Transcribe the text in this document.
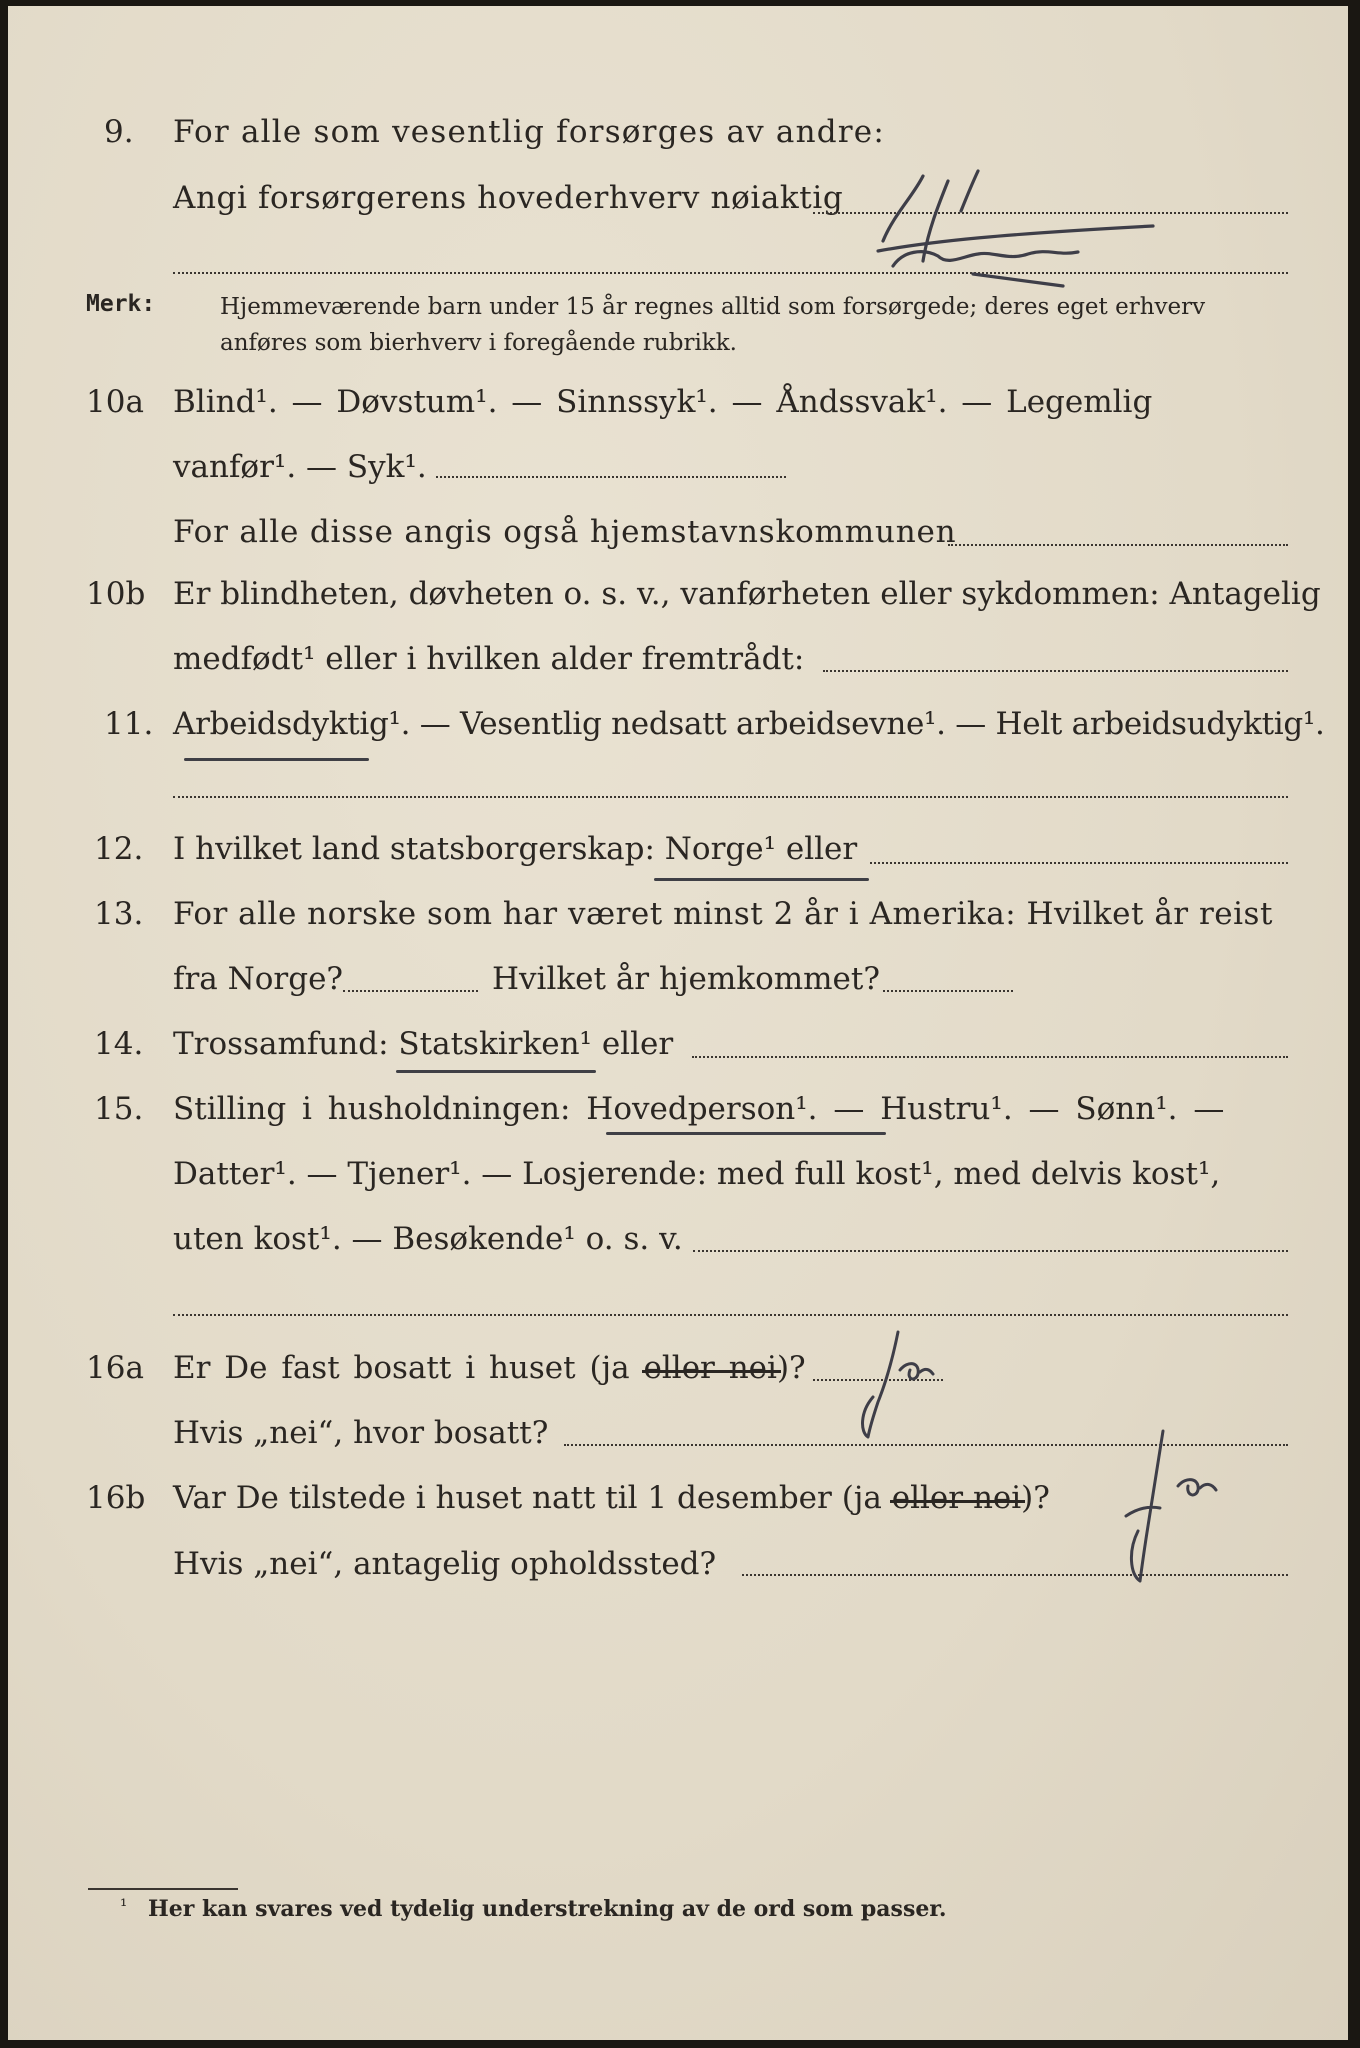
9. For alle som vesentlig forsørges av andre:
Angi forsørgerens hovederhverv nøiaktig
Merk:	Hjemmeværende barn under 15 år regnes alltid som forsørgede; deres eget erhverv
anføres som bierhverv i foregående rubrikk.
10a Blind¹. — Døvstum¹. — Sinnssyk¹. — Åndssvak¹. — Legemlig
vanfør¹. — Syk¹.
For alle disse angis også hjemstavnskommunen
10b Er blindheten, døvheten o. s. v., vanførheten eller sykdommen: Antagelig
medfødt¹ eller i hvilken alder fremtrådt:
11. Arbeidsdyktig¹. — Vesentlig nedsatt arbeidsevne¹. — Helt arbeidsudyktig¹.
12. I hvilket land statsborgerskap: Norge¹ eller
13. For alle norske som har været minst 2 år i Amerika: Hvilket år reist
fra Norge?	Hvilket år hjemkommet?
14. Trossamfund: Statskirken¹ eller
15. Stilling i husholdningen: Hovedperson¹. — Hustru¹. — Sønn¹. —
Datter¹. — Tjener¹. — Losjerende: med full kost¹, med delvis kost¹,
uten kost¹. — Besøkende¹ o. s. v.
16a Er De fast bosatt i huset (ja eller nei)?
Hvis „nei“, hvor bosatt?
16b Var De tilstede i huset natt til 1 desember (ja eller nei)?
Hvis „nei“, antagelig opholdssted?
¹ Her kan svares ved tydelig understrekning av de ord som passer.
